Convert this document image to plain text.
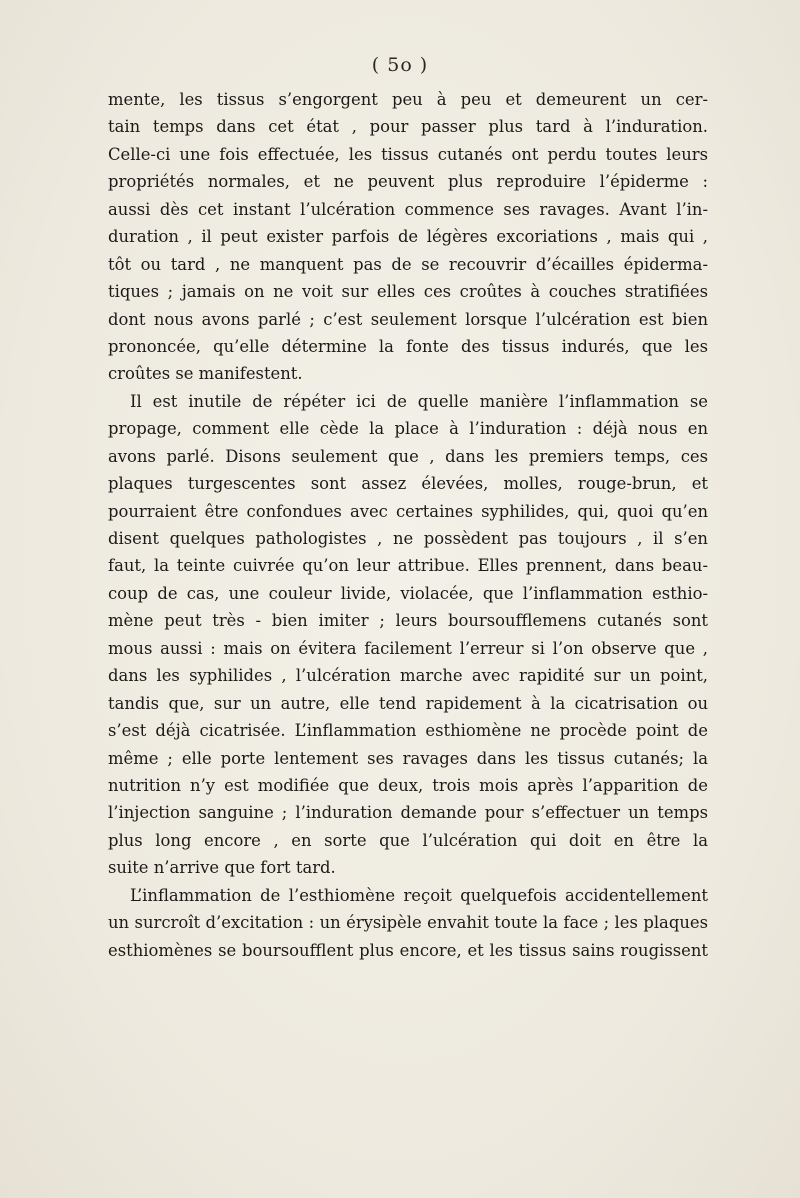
( 5o )
mente, les tissus s’engorgent peu à peu et demeurent un cer-
tain temps dans cet état , pour passer plus tard à l’induration.
Celle-ci une fois effectuée, les tissus cutanés ont perdu toutes leurs
propriétés normales, et ne peuvent plus reproduire l’épiderme :
aussi dès cet instant l’ulcération commence ses ravages. Avant l’in-
duration , il peut exister parfois de légères excoriations , mais qui ,
tôt ou tard , ne manquent pas de se recouvrir d’écailles épiderma-
tiques ; jamais on ne voit sur elles ces croûtes à couches stratifiées
dont nous avons parlé ; c’est seulement lorsque l’ulcération est bien
prononcée, qu’elle détermine la fonte des tissus indurés, que les
croûtes se manifestent.
Il est inutile de répéter ici de quelle manière l’inflammation se
propage, comment elle cède la place à l’induration : déjà nous en
avons parlé. Disons seulement que , dans les premiers temps, ces
plaques turgescentes sont assez élevées, molles, rouge-brun, et
pourraient être confondues avec certaines syphilides, qui, quoi qu’en
disent quelques pathologistes , ne possèdent pas toujours , il s’en
faut, la teinte cuivrée qu’on leur attribue. Elles prennent, dans beau-
coup de cas, une couleur livide, violacée, que l’inflammation esthio-
mène peut très - bien imiter ; leurs boursoufflemens cutanés sont
mous aussi : mais on évitera facilement l’erreur si l’on observe que ,
dans les syphilides , l’ulcération marche avec rapidité sur un point,
tandis que, sur un autre, elle tend rapidement à la cicatrisation ou
s’est déjà cicatrisée. L’inflammation esthiomène ne procède point de
même ; elle porte lentement ses ravages dans les tissus cutanés; la
nutrition n’y est modifiée que deux, trois mois après l’apparition de
l’injection sanguine ; l’induration demande pour s’effectuer un temps
plus long encore , en sorte que l’ulcération qui doit en être la
suite n’arrive que fort tard.
L’inflammation de l’esthiomène reçoit quelquefois accidentellement
un surcroît d’excitation : un érysipèle envahit toute la face ; les plaques
esthiomènes se boursoufflent plus encore, et les tissus sains rougissent
